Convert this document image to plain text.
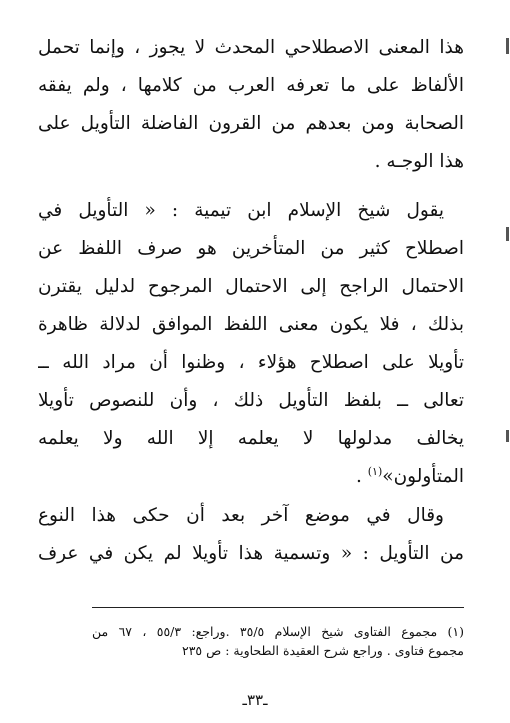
هذا المعنى الاصطلاحي المحدث لا يجوز ، وإنما تحمل
الألفاظ على ما تعرفه العرب من كلامها ، ولم يفقه
الصحابة ومن بعدهم من القرون الفاضلة التأويل على
هذا الوجـه .
يقول شيخ الإسلام ابن تيمية : « التأويل في
اصطلاح كثير من المتأخرين هو صرف اللفظ عن
الاحتمال الراجح إلى الاحتمال المرجوح لدليل يقترن
بذلك ، فلا يكون معنى اللفظ الموافق لدلالة ظاهرة
تأويلا على اصطلاح هؤلاء ، وظنوا أن مراد الله ــ
تعالى ــ بلفظ التأويل ذلك ، وأن للنصوص تأويلا
يخالف مدلولها لا يعلمه إلا الله ولا يعلمه
المتأولون»$^{(١)}$ .
وقال في موضع آخر بعد أن حكى هذا النوع
من التأويل : « وتسمية هذا تأويلا لم يكن في عرف
(١) مجموع الفتاوى شيخ الإسلام ٣٥/٥ .وراجع: ٥٥/٣ ، ٦٧ من
مجموع فتاوى . وراجع شرح العقيدة الطحاوية : ص ٢٣٥
ـ٣٣ـ
